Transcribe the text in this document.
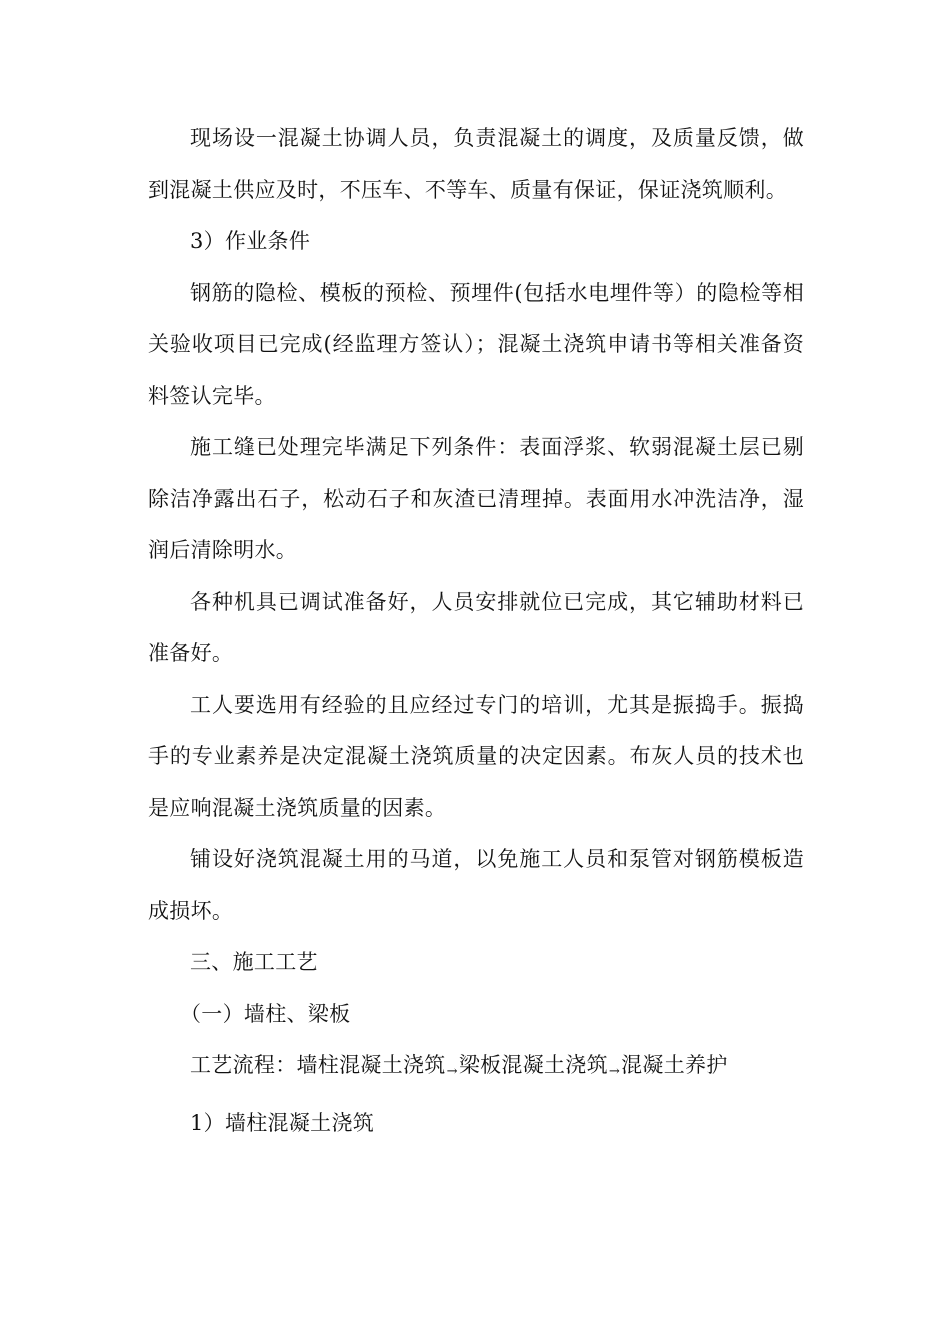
现场设一混凝土协调人员，负责混凝土的调度，及质量反馈，做到混凝土供应及时，不压车、不等车、质量有保证，保证浇筑顺利。

3）作业条件

钢筋的隐检、模板的预检、预埋件(包括水电埋件等）的隐检等相关验收项目已完成(经监理方签认）；混凝土浇筑申请书等相关准备资料签认完毕。

施工缝已处理完毕满足下列条件：表面浮浆、软弱混凝土层已剔除洁净露出石子，松动石子和灰渣已清理掉。表面用水冲洗洁净，湿润后清除明水。

各种机具已调试准备好，人员安排就位已完成，其它辅助材料已准备好。

工人要选用有经验的且应经过专门的培训，尤其是振捣手。振捣手的专业素养是决定混凝土浇筑质量的决定因素。布灰人员的技术也是应响混凝土浇筑质量的因素。

铺设好浇筑混凝土用的马道，以免施工人员和泵管对钢筋模板造成损坏。

三、施工工艺

（一）墙柱、梁板

工艺流程：墙柱混凝土浇筑→梁板混凝土浇筑→混凝土养护

1）墙柱混凝土浇筑
